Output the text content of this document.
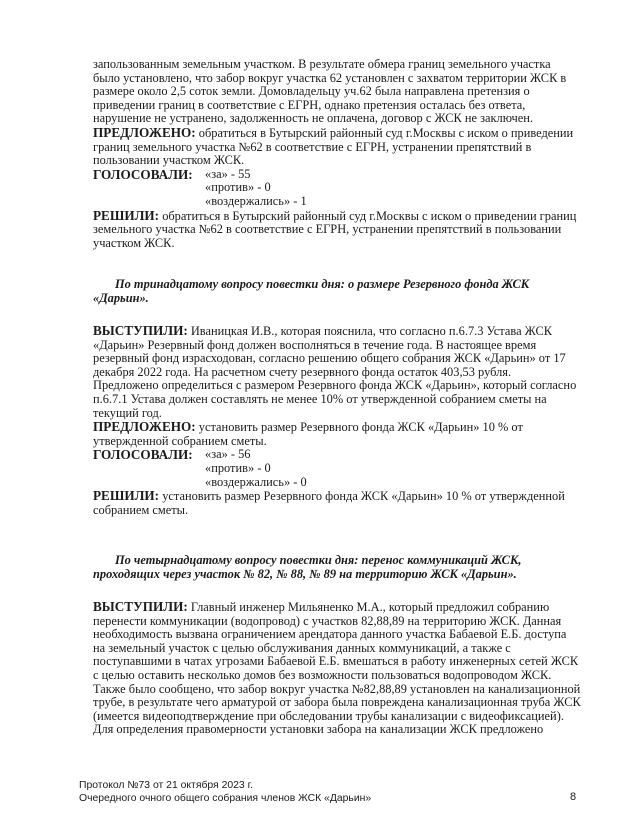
запользованным земельным участком. В результате обмера границ земельного участка

было установлено, что забор вокруг участка 62 установлен с захватом территории ЖСК в

размере около 2,5 соток земли. Домовладельцу уч.62 была направлена претензия о

приведении границ в соответствие с ЕГРН, однако претензия осталась без ответа,

нарушение не устранено, задолженность не оплачена, договор с ЖСК не заключен.

ПРЕДЛОЖЕНО: обратиться в Бутырский районный суд г.Москвы с иском о приведении

границ земельного участка №62 в соответствие с ЕГРН, устранении препятствий в

пользовании участком ЖСК.

ГОЛОСОВАЛИ: «за» - 55
«против» - 0
«воздержались» - 1

РЕШИЛИ: обратиться в Бутырский районный суд г.Москвы с иском о приведении границ

земельного участка №62 в соответствие с ЕГРН, устранении препятствий в пользовании

участком ЖСК.

По тринадцатому вопросу повестки дня: о размере Резервного фонда ЖСК

«Дарьин».

ВЫСТУПИЛИ: Иваницкая И.В., которая пояснила, что согласно п.6.7.3 Устава ЖСК

«Дарьин» Резервный фонд должен восполняться в течение года. В настоящее время

резервный фонд израсходован, согласно решению общего собрания ЖСК «Дарьин» от 17

декабря 2022 года. На расчетном счету резервного фонда остаток 403,53 рубля.

Предложено определиться с размером Резервного фонда ЖСК «Дарьин», который согласно

п.6.7.1 Устава должен составлять не менее 10% от утвержденной собранием сметы на

текущий год.

ПРЕДЛОЖЕНО: установить размер Резервного фонда ЖСК «Дарьин» 10 % от

утвержденной собранием сметы.

ГОЛОСОВАЛИ: «за» - 56
«против» - 0
«воздержались» - 0

РЕШИЛИ: установить размер Резервного фонда ЖСК «Дарьин» 10 % от утвержденной

собранием сметы.

По четырнадцатому вопросу повестки дня: перенос коммуникаций ЖСК,

проходящих через участок № 82, № 88, № 89 на территорию ЖСК «Дарьин».

ВЫСТУПИЛИ: Главный инженер Мильяненко М.А., который предложил собранию

перенести коммуникации (водопровод) с участков 82,88,89 на территорию ЖСК. Данная

необходимость вызвана ограничением арендатора данного участка Бабаевой Е.Б. доступа

на земельный участок с целью обслуживания данных коммуникаций, а также с

поступавшими в чатах угрозами Бабаевой Е.Б. вмешаться в работу инженерных сетей ЖСК

с целью оставить несколько домов без возможности пользоваться водопроводом ЖСК.

Также было сообщено, что забор вокруг участка №82,88,89 установлен на канализационной

трубе, в результате чего арматурой от забора была повреждена канализационная труба ЖСК

(имеется видеоподтверждение при обследовании трубы канализации с видеофиксацией).

Для определения правомерности установки забора на канализации ЖСК предложено

Протокол №73 от 21 октября 2023 г.
Очередного очного общего собрания членов ЖСК «Дарьин»	8
